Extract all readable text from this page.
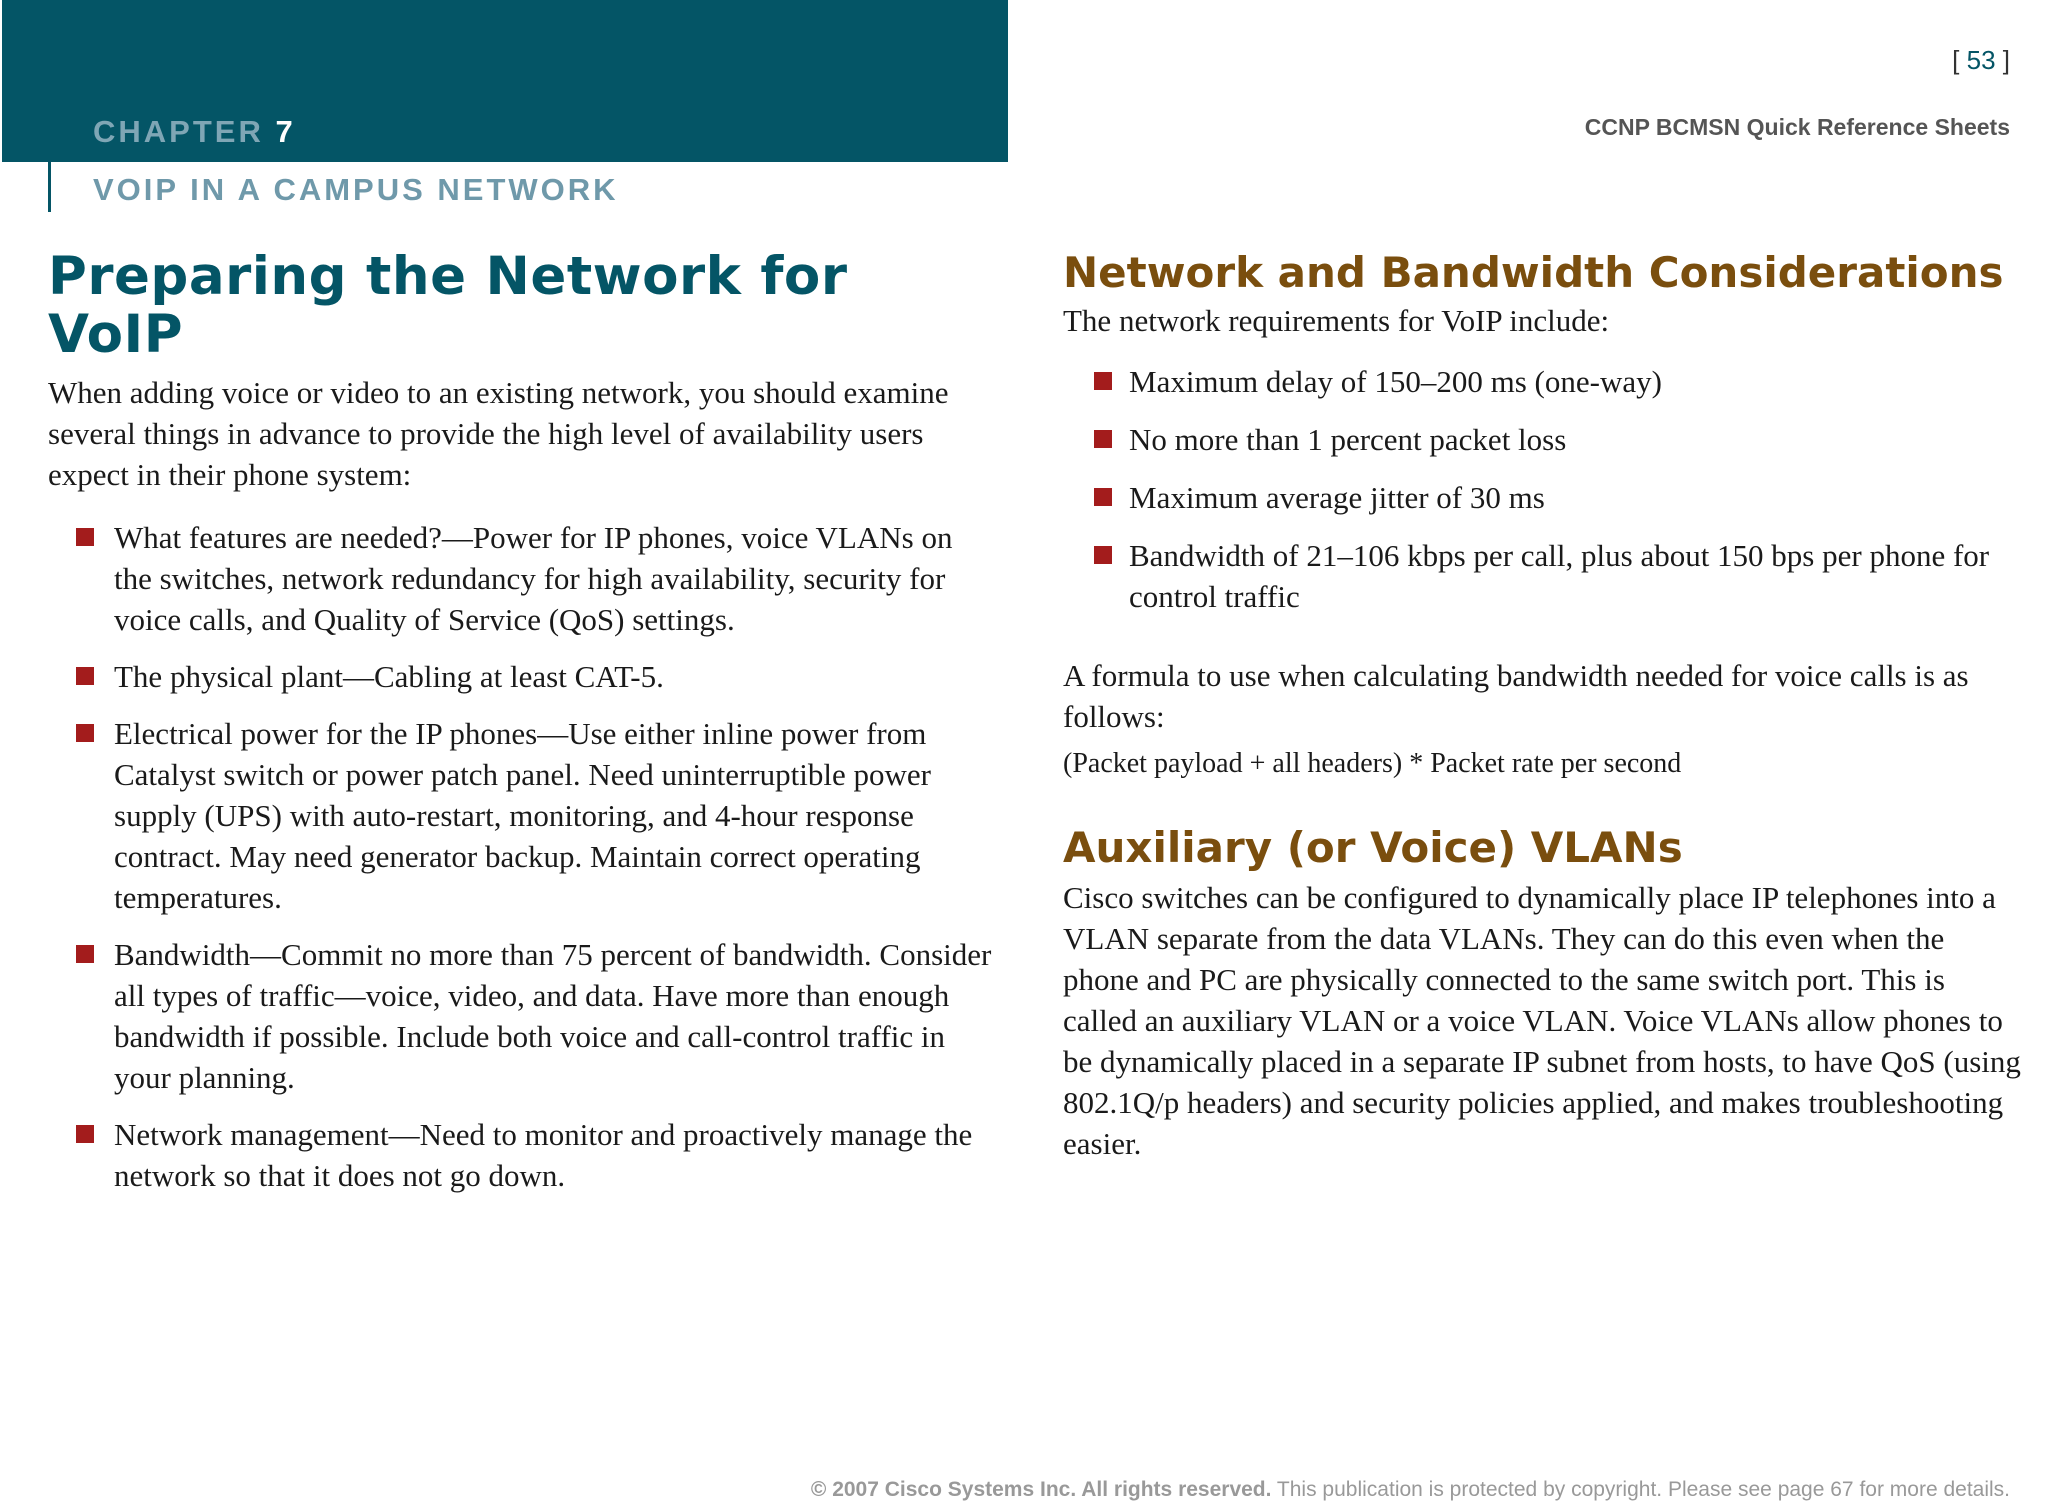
CHAPTER 7
VOIP IN A CAMPUS NETWORK
[ 53 ]
CCNP BCMSN Quick Reference Sheets
Preparing the Network for VoIP

When adding voice or video to an existing network, you should examine several things in advance to provide the high level of availability users expect in their phone system:

What features are needed?—Power for IP phones, voice VLANs on the switches, network redundancy for high availability, security for voice calls, and Quality of Service (QoS) settings.
The physical plant—Cabling at least CAT-5.
Electrical power for the IP phones—Use either inline power from Catalyst switch or power patch panel. Need uninterruptible power supply (UPS) with auto-restart, monitoring, and 4-hour response contract. May need generator backup. Maintain correct operating temperatures.
Bandwidth—Commit no more than 75 percent of bandwidth. Consider all types of traffic—voice, video, and data. Have more than enough bandwidth if possible. Include both voice and call-control traffic in your planning.
Network management—Need to monitor and proactively manage the network so that it does not go down.
Network and Bandwidth Considerations

The network requirements for VoIP include:

Maximum delay of 150–200 ms (one-way)
No more than 1 percent packet loss
Maximum average jitter of 30 ms
Bandwidth of 21–106 kbps per call, plus about 150 bps per phone for control traffic

A formula to use when calculating bandwidth needed for voice calls is as follows:

(Packet payload + all headers) * Packet rate per second

Auxiliary (or Voice) VLANs

Cisco switches can be configured to dynamically place IP telephones into a VLAN separate from the data VLANs. They can do this even when the phone and PC are physically connected to the same switch port. This is called an auxiliary VLAN or a voice VLAN. Voice VLANs allow phones to be dynamically placed in a separate IP subnet from hosts, to have QoS (using 802.1Q/p headers) and security policies applied, and makes troubleshooting easier.

© 2007 Cisco Systems Inc. All rights reserved. This publication is protected by copyright. Please see page 67 for more details.
